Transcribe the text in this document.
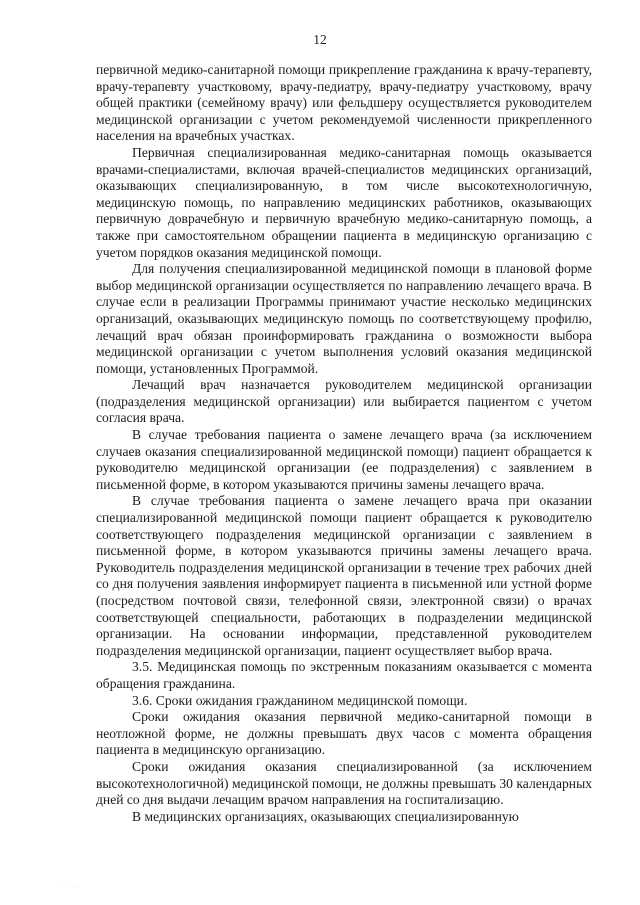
12

первичной медико-санитарной помощи прикрепление гражданина к врачу-терапевту, врачу-терапевту участковому, врачу-педиатру, врачу-педиатру участковому, врачу общей практики (семейному врачу) или фельдшеру осуществляется руководителем медицинской организации с учетом рекомендуемой численности прикрепленного населения на врачебных участках.

Первичная специализированная медико-санитарная помощь оказывается врачами-специалистами, включая врачей-специалистов медицинских организаций, оказывающих специализированную, в том числе высокотехнологичную, медицинскую помощь, по направлению медицинских работников, оказывающих первичную доврачебную и первичную врачебную медико-санитарную помощь, а также при самостоятельном обращении пациента в медицинскую организацию с учетом порядков оказания медицинской помощи.

Для получения специализированной медицинской помощи в плановой форме выбор медицинской организации осуществляется по направлению лечащего врача. В случае если в реализации Программы принимают участие несколько медицинских организаций, оказывающих медицинскую помощь по соответствующему профилю, лечащий врач обязан проинформировать гражданина о возможности выбора медицинской организации с учетом выполнения условий оказания медицинской помощи, установленных Программой.

Лечащий врач назначается руководителем медицинской организации (подразделения медицинской организации) или выбирается пациентом с учетом согласия врача.

В случае требования пациента о замене лечащего врача (за исключением случаев оказания специализированной медицинской помощи) пациент обращается к руководителю медицинской организации (ее подразделения) с заявлением в письменной форме, в котором указываются причины замены лечащего врача.

В случае требования пациента о замене лечащего врача при оказании специализированной медицинской помощи пациент обращается к руководителю соответствующего подразделения медицинской организации с заявлением в письменной форме, в котором указываются причины замены лечащего врача. Руководитель подразделения медицинской организации в течение трех рабочих дней со дня получения заявления информирует пациента в письменной или устной форме (посредством почтовой связи, телефонной связи, электронной связи) о врачах соответствующей специальности, работающих в подразделении медицинской организации. На основании информации, представленной руководителем подразделения медицинской организации, пациент осуществляет выбор врача.

3.5. Медицинская помощь по экстренным показаниям оказывается с момента обращения гражданина.

3.6. Сроки ожидания гражданином медицинской помощи.

Сроки ожидания оказания первичной медико-санитарной помощи в неотложной форме, не должны превышать двух часов с момента обращения пациента в медицинскую организацию.

Сроки ожидания оказания специализированной (за исключением высокотехнологичной) медицинской помощи, не должны превышать 30 календарных дней со дня выдачи лечащим врачом направления на госпитализацию.

В медицинских организациях, оказывающих специализированную

· · · ·
